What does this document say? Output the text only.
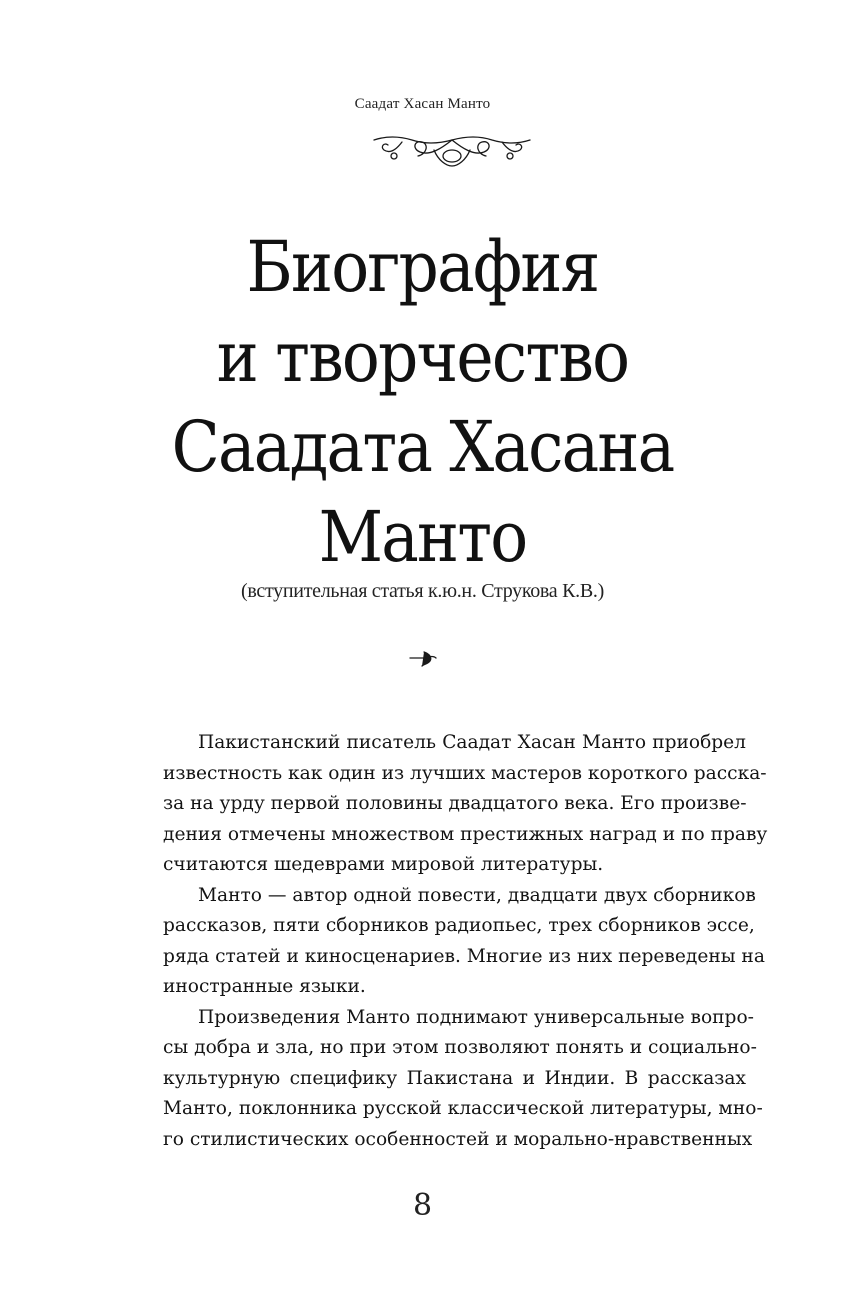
Саадат Хасан Манто
Биография
и творчество
Саадата Хасана
Манто
(вступительная статья к.ю.н. Струкова К.В.)
Пакистанский писатель Саадат Хасан Манто приобрел
известность как один из лучших мастеров короткого расска-
за на урду первой половины двадцатого века. Его произве-
дения отмечены множеством престижных наград и по праву
считаются шедеврами мировой литературы.
Манто — автор одной повести, двадцати двух сборников
рассказов, пяти сборников радиопьес, трех сборников эссе,
ряда статей и киносценариев. Многие из них переведены на
иностранные языки.
Произведения Манто поднимают универсальные вопро-
сы добра и зла, но при этом позволяют понять и социально-
культурную специфику Пакистана и Индии. В рассказах
Манто, поклонника русской классической литературы, мно-
го стилистических особенностей и морально-нравственных
8
